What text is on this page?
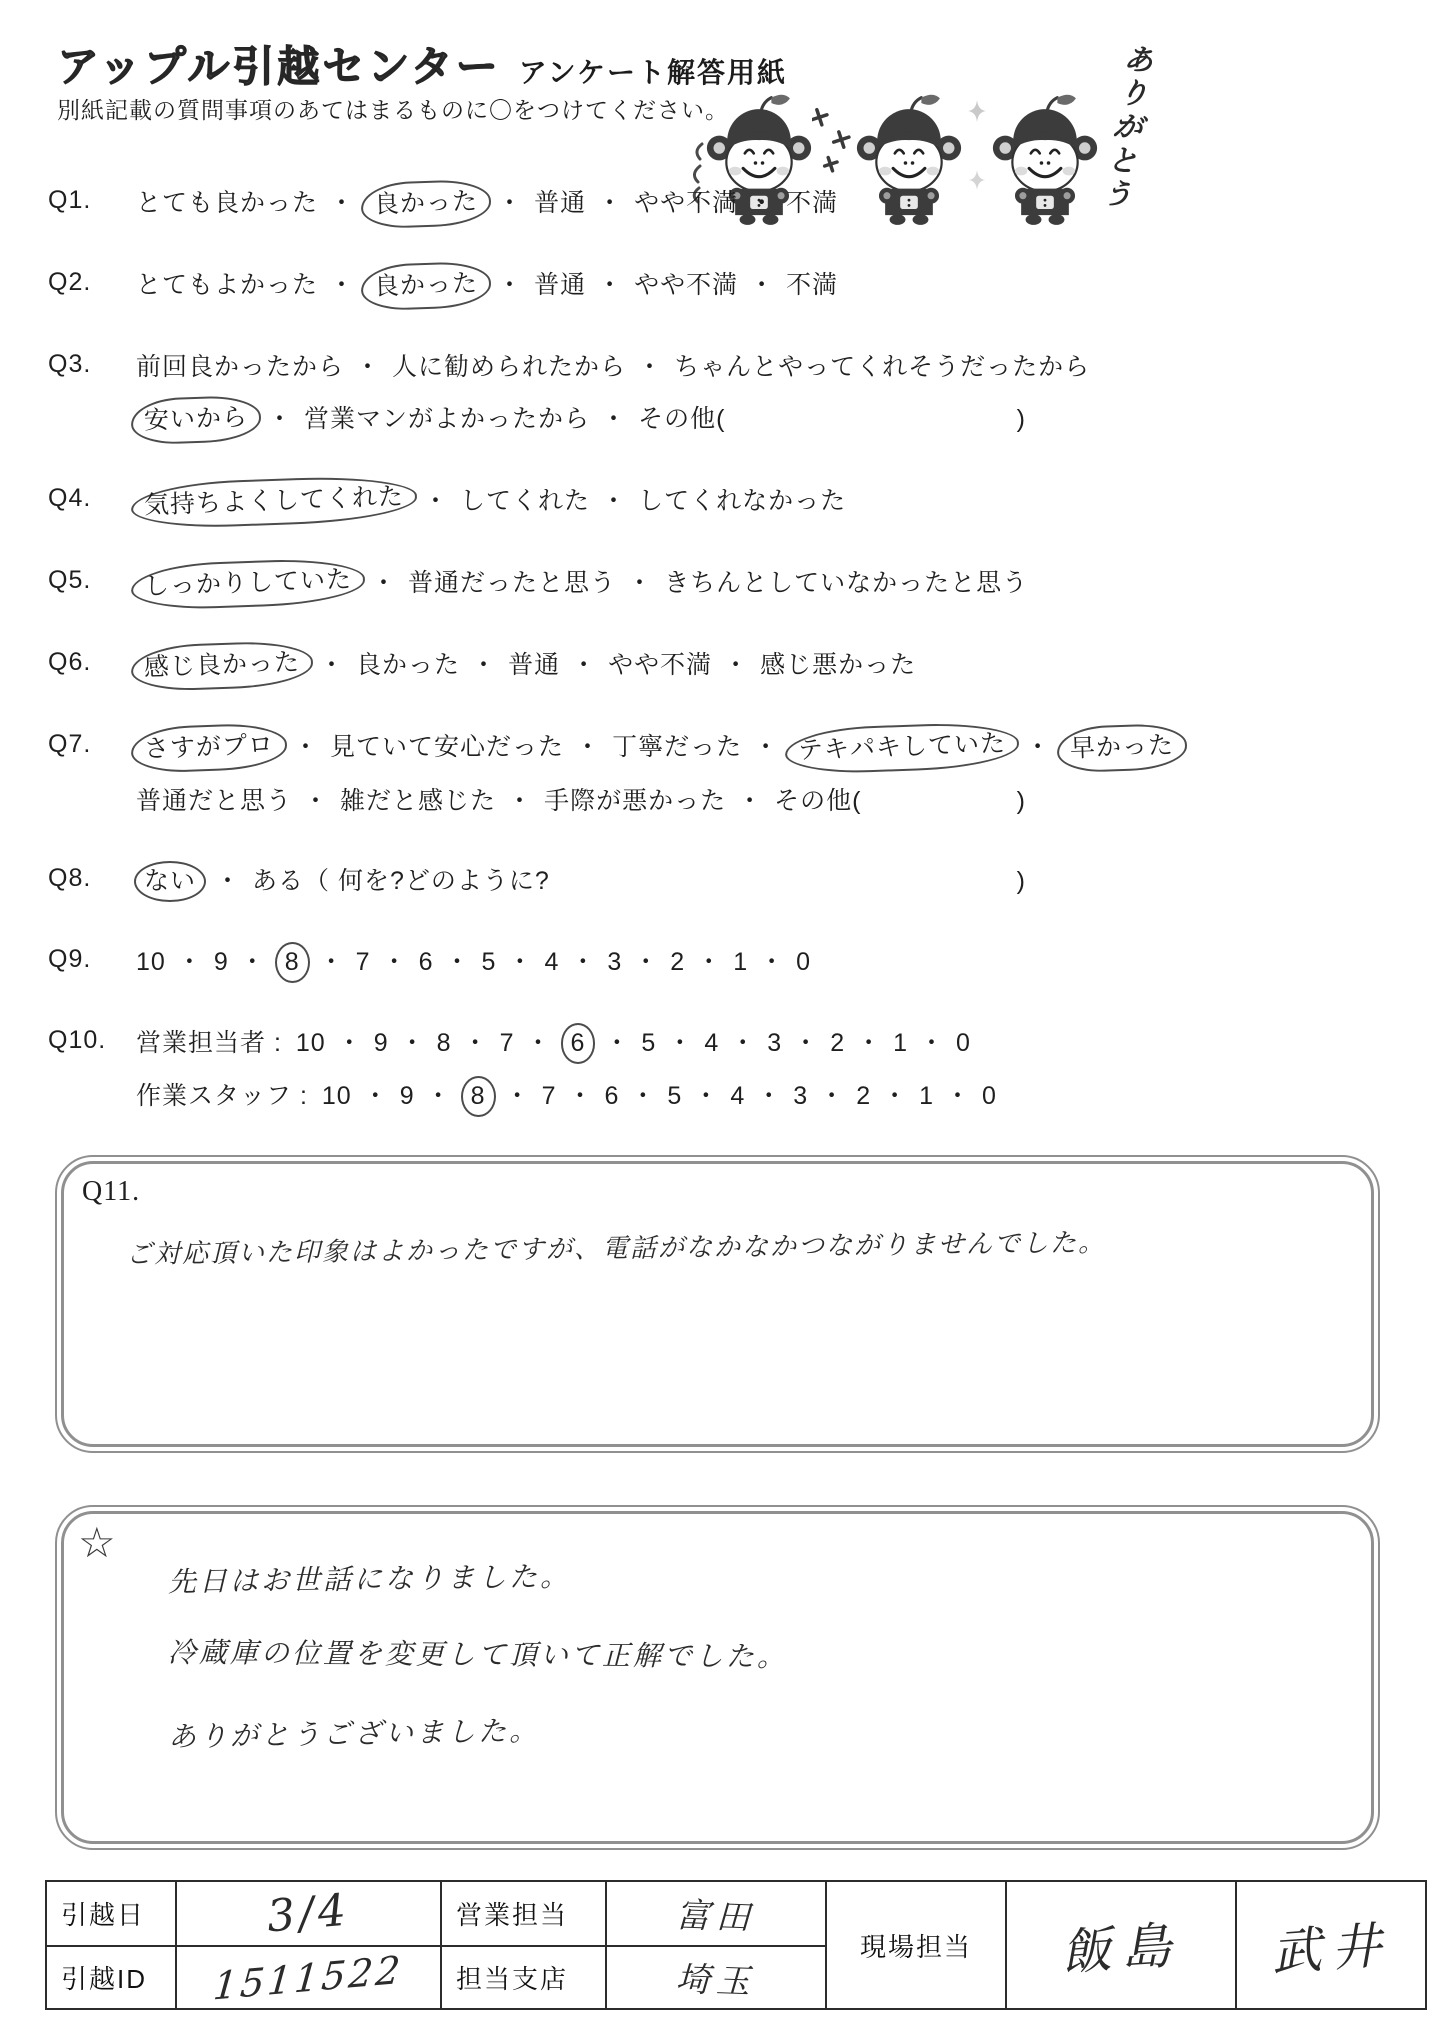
アップル引越センター アンケート解答用紙
別紙記載の質問事項のあてはまるものに〇をつけてください。	ありがとう
Q1.	とても良かった ・ 良かった ・ 普通 ・ やや不満 ・ 不満
Q2.	とてもよかった ・ 良かった ・ 普通 ・ やや不満 ・ 不満
Q3.	前回良かったから ・ 人に勧められたから ・ ちゃんとやってくれそうだったから
安いから ・ 営業マンがよかったから ・ その他(	)
Q4.	気持ちよくしてくれた ・ してくれた ・ してくれなかった
Q5.	しっかりしていた ・ 普通だったと思う ・ きちんとしていなかったと思う
Q6.	感じ良かった ・ 良かった ・ 普通 ・ やや不満 ・ 感じ悪かった
Q7.	さすがプロ ・ 見ていて安心だった ・ 丁寧だった ・ テキパキしていた ・ 早かった
普通だと思う ・ 雑だと感じた ・ 手際が悪かった ・ その他(	)
Q8.	ない ・ ある（ 何を?どのように?	)
Q9.	10 ・ 9 ・ 8 ・ 7 ・ 6 ・ 5 ・ 4 ・ 3 ・ 2 ・ 1 ・ 0
Q10.	営業担当者 : 10 ・ 9 ・ 8 ・ 7 ・ 6 ・ 5 ・ 4 ・ 3 ・ 2 ・ 1 ・ 0
作業スタッフ : 10 ・ 9 ・ 8 ・ 7 ・ 6 ・ 5 ・ 4 ・ 3 ・ 2 ・ 1 ・ 0
Q11.
ご対応頂いた印象はよかったですが、電話がなかなかつながりませんでした。
☆
先日はお世話になりました。
冷蔵庫の位置を変更して頂いて正解でした。
ありがとうございました。
引越日	3/4	営業担当	富田	現場担当	飯島	武井
引越ID	1511522	担当支店	埼玉			
